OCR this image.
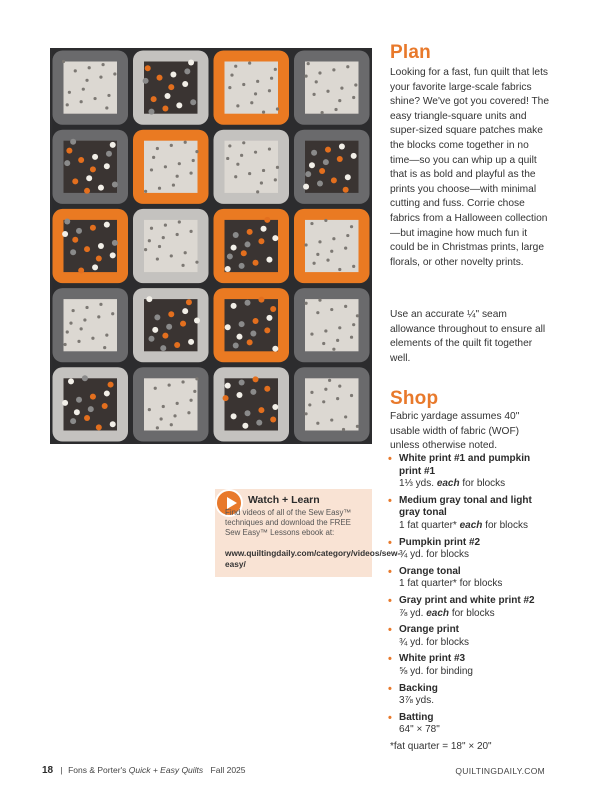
Plan

Looking for a fast, fun quilt that lets your favorite large-scale fabrics shine? We've got you covered! The easy triangle-square units and super-sized square patches make the blocks come together in no time—so you can whip up a quilt that is as bold and playful as the prints you choose—with minimal cutting and fuss. Corrie chose fabrics from a Halloween collection—but imagine how much fun it could be in Christmas prints, large florals, or other novelty prints.

Use an accurate ¼" seam allowance throughout to ensure all elements of the quilt fit together well.

Shop

Fabric yardage assumes 40" usable width of fabric (WOF) unless otherwise noted.

• White print #1 and pumpkin print #1
1⅓ yds. each for blocks
• Medium gray tonal and light gray tonal
1 fat quarter* each for blocks
• Pumpkin print #2
¾ yd. for blocks
• Orange tonal
1 fat quarter* for blocks
• Gray print and white print #2
⅞ yd. each for blocks
• Orange print
¾ yd. for blocks
• White print #3
⅝ yd. for binding
• Backing
3⅞ yds.
• Batting
64" × 78"

*fat quarter = 18" × 20"

Watch + Learn

Find videos of all of the Sew Easy™ techniques and download the FREE Sew Easy™ Lessons ebook at:

www.quiltingdaily.com/category/videos/sew-easy/

18 | Fons & Porter's Quick + Easy Quilts Fall 2025	QUILTINGDAILY.COM
